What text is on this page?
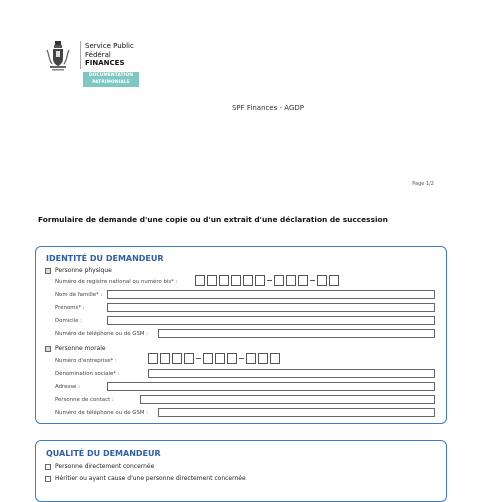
Service Public
Fédéral
FINANCES
DOCUMENTATION
PATRIMONIALE
SPF Finances - AGDP
Page 1/2
Formulaire de demande d'une copie ou d'un extrait d'une déclaration de succession
IDENTITÉ DU DEMANDEUR
Personne physique
Numéro de registre national ou numéro bis* :
Nom de famille* :
Prénoms* :
Domicile :
Numéro de téléphone ou de GSM :
Personne morale
Numéro d'entreprise* :
Dénomination sociale* :
Adresse :
Personne de contact :
Numéro de téléphone ou de GSM :
QUALITÉ DU DEMANDEUR
Personne directement concernée
Héritier ou ayant cause d'une personne directement concernée
